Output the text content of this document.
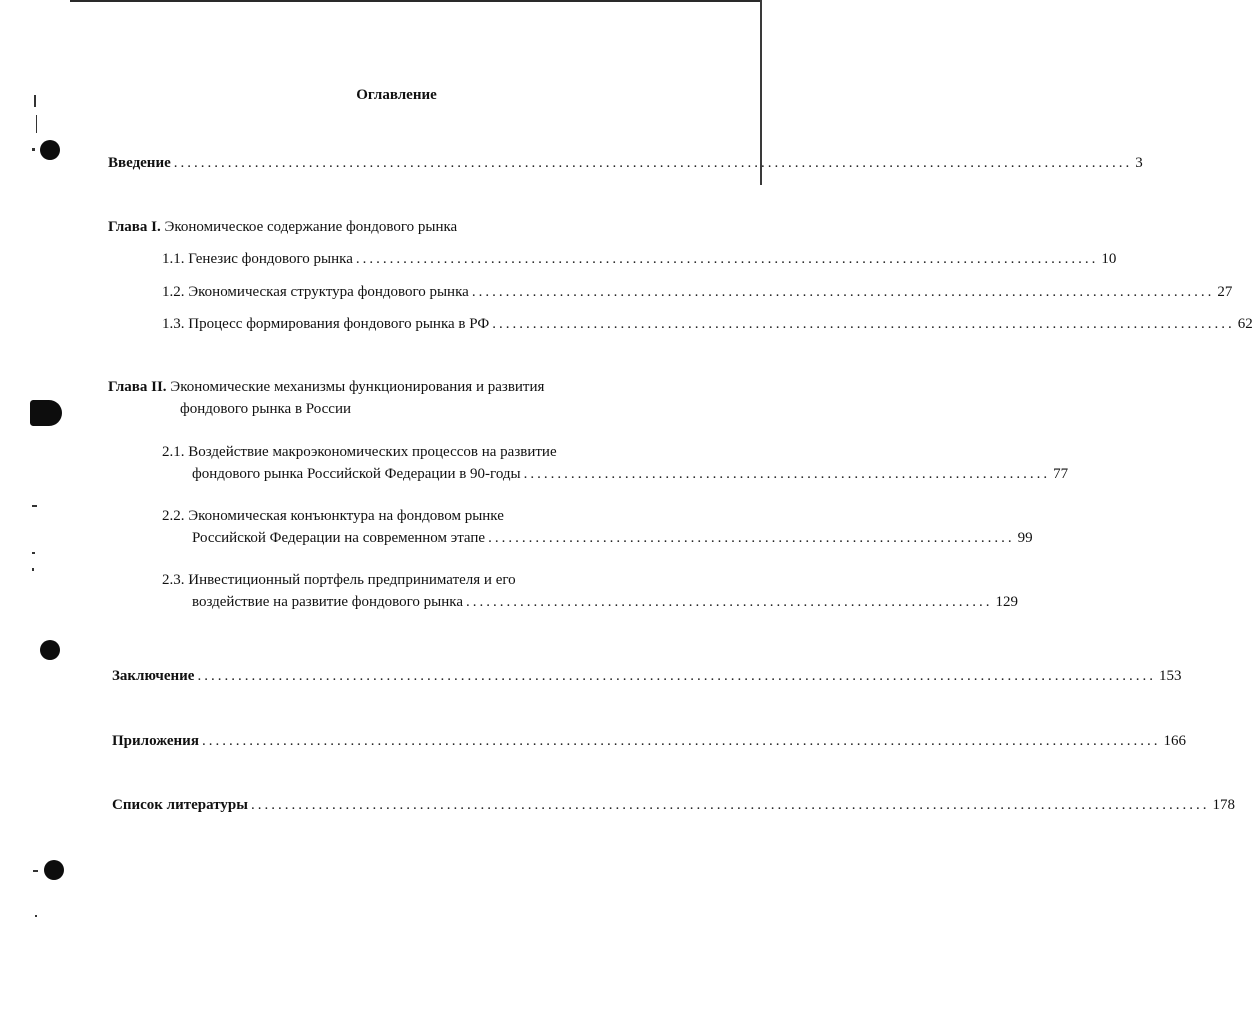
Оглавление
Введение .............................................................................................................................................. 3
Глава I. Экономическое содержание фондового рынка
1.1. Генезис фондового рынка .............................................................................................................. 10
1.2. Экономическая структура фондового рынка .............................................................................................................. 27
1.3. Процесс формирования фондового рынка в РФ .............................................................................................................. 62
Глава II. Экономические механизмы функционирования и развития
фондового рынка в России
2.1. Воздействие макроэкономических процессов на развитие
фондового рынка Российской Федерации в 90-годы .............................................................................. 77
2.2. Экономическая конъюнктура на фондовом рынке
Российской Федерации на современном этапе .............................................................................. 99
2.3. Инвестиционный портфель предпринимателя и его
воздействие на развитие фондового рынка .............................................................................. 129
Заключение .............................................................................................................................................. 153
Приложения .............................................................................................................................................. 166
Список литературы .............................................................................................................................................. 178
